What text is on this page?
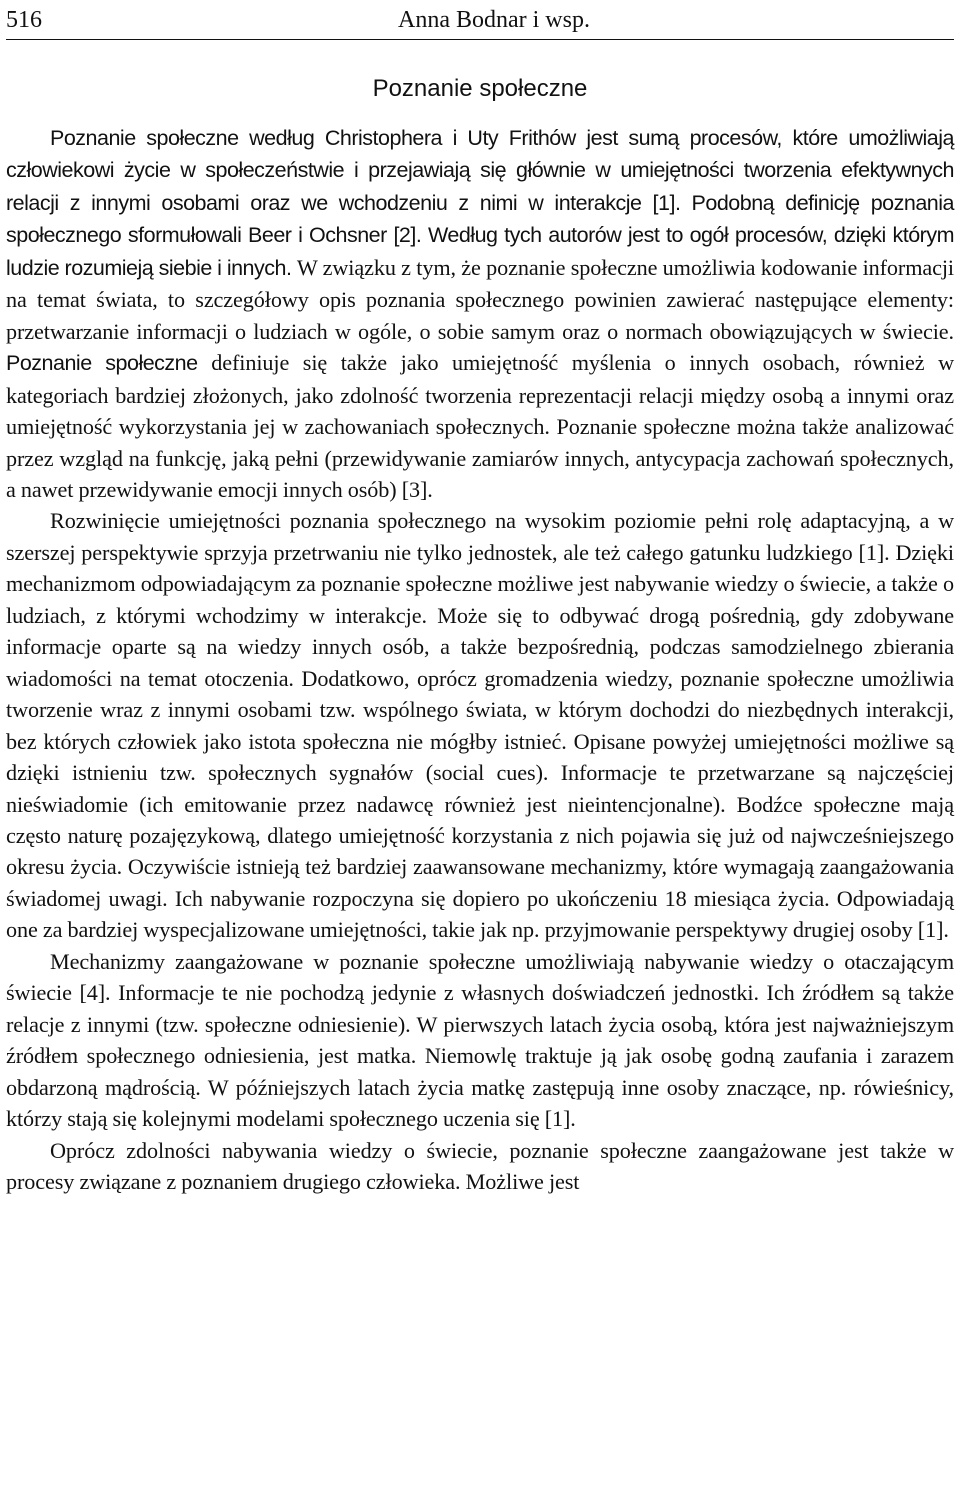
516	Anna Bodnar i wsp.
Poznanie społeczne

Poznanie społeczne według Christophera i Uty Frithów jest sumą procesów, które umożliwiają człowiekowi życie w społeczeństwie i przejawiają się głównie w umiejętności tworzenia efektywnych relacji z innymi osobami oraz we wchodzeniu z nimi w interakcje [1]. Podobną definicję poznania społecznego sformułowali Beer i Ochsner [2]. Według tych autorów jest to ogół procesów, dzięki którym ludzie rozumieją siebie i innych. W związku z tym, że poznanie społeczne umożliwia kodowanie informacji na temat świata, to szczegółowy opis poznania społecznego powinien zawierać następujące elementy: przetwarzanie informacji o ludziach w ogóle, o sobie samym oraz o normach obowiązujących w świecie. Poznanie społeczne definiuje się także jako umiejętność myślenia o innych osobach, również w kategoriach bardziej złożonych, jako zdolność tworzenia reprezentacji relacji między osobą a innymi oraz umiejętność wykorzystania jej w zachowaniach społecznych. Poznanie społeczne można także analizować przez wzgląd na funkcję, jaką pełni (przewidywanie zamiarów innych, antycypacja zachowań społecznych, a nawet przewidywanie emocji innych osób) [3].

Rozwinięcie umiejętności poznania społecznego na wysokim poziomie pełni rolę adaptacyjną, a w szerszej perspektywie sprzyja przetrwaniu nie tylko jednostek, ale też całego gatunku ludzkiego [1]. Dzięki mechanizmom odpowiadającym za poznanie społeczne możliwe jest nabywanie wiedzy o świecie, a także o ludziach, z którymi wchodzimy w interakcje. Może się to odbywać drogą pośrednią, gdy zdobywane informacje oparte są na wiedzy innych osób, a także bezpośrednią, podczas samodzielnego zbierania wiadomości na temat otoczenia. Dodatkowo, oprócz gromadzenia wiedzy, poznanie społeczne umożliwia tworzenie wraz z innymi osobami tzw. wspólnego świata, w którym dochodzi do niezbędnych interakcji, bez których człowiek jako istota społeczna nie mógłby istnieć. Opisane powyżej umiejętności możliwe są dzięki istnieniu tzw. społecznych sygnałów (social cues). Informacje te przetwarzane są najczęściej nieświadomie (ich emitowanie przez nadawcę również jest nieintencjonalne). Bodźce społeczne mają często naturę pozajęzykową, dlatego umiejętność korzystania z nich pojawia się już od najwcześniejszego okresu życia. Oczywiście istnieją też bardziej zaawansowane mechanizmy, które wymagają zaangażowania świadomej uwagi. Ich nabywanie rozpoczyna się dopiero po ukończeniu 18 miesiąca życia. Odpowiadają one za bardziej wyspecjalizowane umiejętności, takie jak np. przyjmowanie perspektywy drugiej osoby [1].

Mechanizmy zaangażowane w poznanie społeczne umożliwiają nabywanie wiedzy o otaczającym świecie [4]. Informacje te nie pochodzą jedynie z własnych doświadczeń jednostki. Ich źródłem są także relacje z innymi (tzw. społeczne odniesienie). W pierwszych latach życia osobą, która jest najważniejszym źródłem społecznego odniesienia, jest matka. Niemowlę traktuje ją jak osobę godną zaufania i zarazem obdarzoną mądrością. W późniejszych latach życia matkę zastępują inne osoby znaczące, np. rówieśnicy, którzy stają się kolejnymi modelami społecznego uczenia się [1].

Oprócz zdolności nabywania wiedzy o świecie, poznanie społeczne zaangażowane jest także w procesy związane z poznaniem drugiego człowieka. Możliwe jest
